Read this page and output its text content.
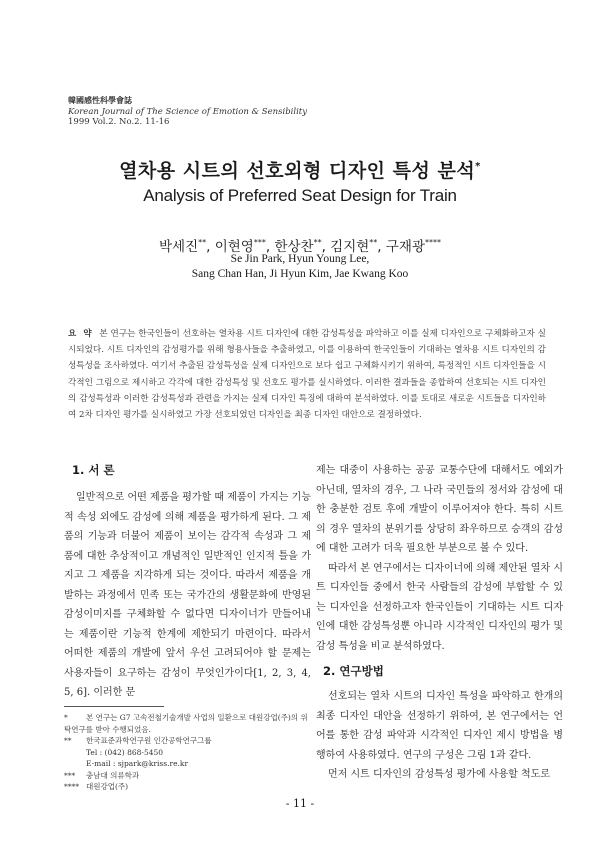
韓國感性科學會誌
Korean Journal of The Science of Emotion & Sensibility
1999 Vol.2. No.2. 11-16
열차용 시트의 선호외형 디자인 특성 분석*
Analysis of Preferred Seat Design for Train
박세진**, 이현영***, 한상찬**, 김지현**, 구재광****
Se Jin Park, Hyun Young Lee,
Sang Chan Han, Ji Hyun Kim, Jae Kwang Koo
요 약 본 연구는 한국인들이 선호하는 열차용 시트 디자인에 대한 감성특성을 파악하고 이를 실제 디자인으로 구체화하고자 실시되었다. 시트 디자인의 감성평가를 위해 형용사들을 추출하였고, 이를 이용하여 한국인들이 기대하는 열차용 시트 디자인의 감성특성을 조사하였다. 여기서 추출된 감성특성을 실제 디자인으로 보다 쉽고 구체화시키기 위하여, 특정적인 시트 디자인들을 시각적인 그림으로 제시하고 각각에 대한 감성특성 및 선호도 평가를 실시하였다. 이러한 결과들을 종합하여 선호되는 시트 디자인의 감성특성과 이러한 감성특성과 관련을 가지는 실제 디자인 특징에 대하여 분석하였다. 이를 토대로 새로운 시트들을 디자인하여 2차 디자인 평가를 실시하였고 가장 선호되었던 디자인을 최종 디자인 대안으로 결정하였다.
1. 서 론

일반적으로 어떤 제품을 평가할 때 제품이 가지는 기능적 속성 외에도 감성에 의해 제품을 평가하게 된다. 그 제품의 기능과 더불어 제품이 보이는 감각적 속성과 그 제품에 대한 추상적이고 개념적인 일반적인 인지적 틀을 가지고 그 제품을 지각하게 되는 것이다. 따라서 제품을 개발하는 과정에서 민족 또는 국가간의 생활문화에 반영된 감성이미지를 구체화할 수 없다면 디자이너가 만들어내는 제품이란 기능적 한계에 제한되기 마련이다. 따라서 어떠한 제품의 개발에 앞서 우선 고려되어야 할 문제는 사용자들이 요구하는 감성이 무엇인가이다[1, 2, 3, 4, 5, 6]. 이러한 문

* 본 연구는 G7 고속전철기술개발 사업의 일환으로 대원강업(주)의 위탁연구를 받아 수행되었음.
** 한국표준과학연구원 인간공학연구그룹
Tel : (042) 868-5450
E-mail : sjpark@kriss.re.kr
*** 충남대 의류학과
**** 대원강업(주)

제는 대중이 사용하는 공공 교통수단에 대해서도 예외가 아닌데, 열차의 경우, 그 나라 국민들의 정서와 감성에 대한 충분한 검토 후에 개발이 이루어져야 한다. 특히 시트의 경우 열차의 분위기를 상당히 좌우하므로 승객의 감성에 대한 고려가 더욱 필요한 부분으로 볼 수 있다.

따라서 본 연구에서는 디자이너에 의해 제안된 열차 시트 디자인들 중에서 한국 사람들의 감성에 부합할 수 있는 디자인을 선정하고자 한국인들이 기대하는 시트 디자인에 대한 감성특성뿐 아니라 시각적인 디자인의 평가 및 감성 특성을 비교 분석하였다.

2. 연구방법

선호되는 열차 시트의 디자인 특성을 파악하고 한개의 최종 디자인 대안을 선정하기 위하여, 본 연구에서는 언어를 통한 감성 파악과 시각적인 디자인 제시 방법을 병행하여 사용하였다. 연구의 구성은 그림 1과 같다.

먼저 시트 디자인의 감성특성 평가에 사용할 척도로

- 11 -
